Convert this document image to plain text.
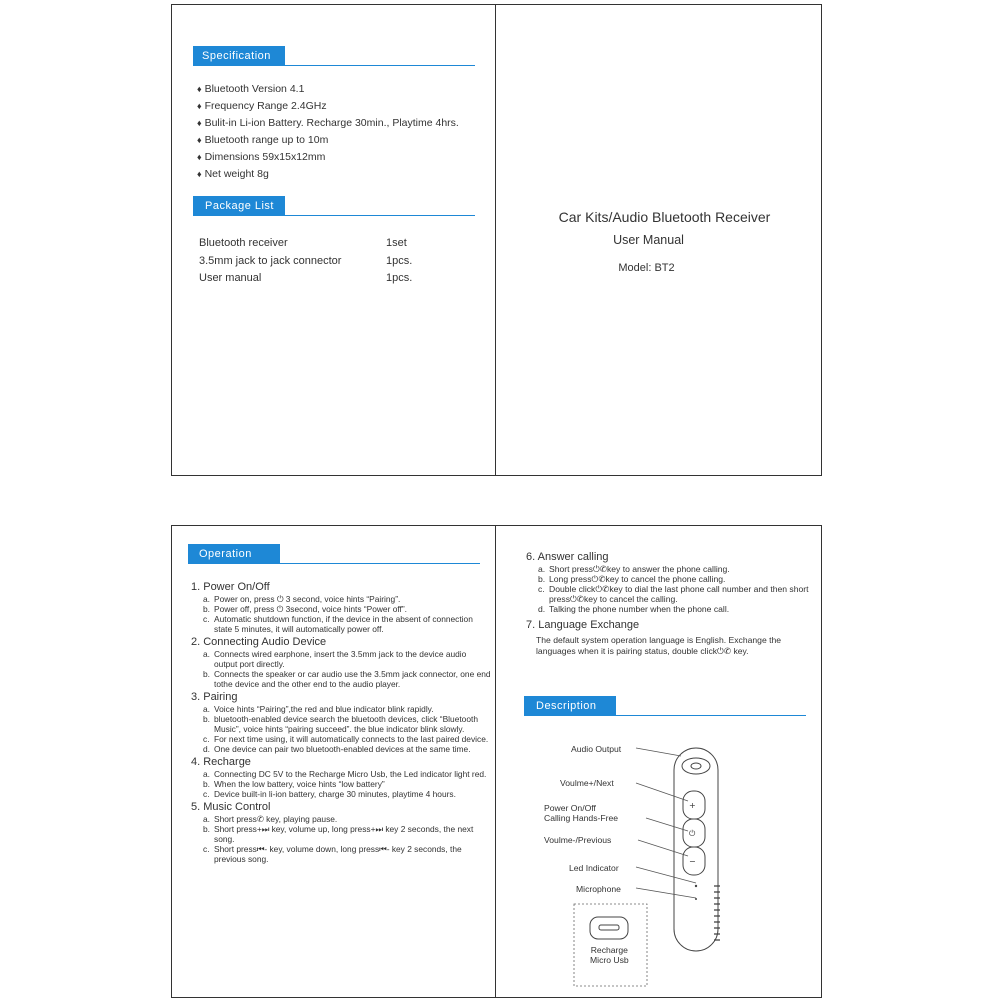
Specification
♦ Bluetooth Version 4.1
♦ Frequency Range 2.4GHz
♦ Bulit-in Li-ion Battery. Recharge 30min., Playtime 4hrs.
♦ Bluetooth range up to 10m
♦ Dimensions 59x15x12mm
♦ Net weight 8g
Package List
Bluetooth receiver	1set
3.5mm jack to jack connector	1pcs.
User manual	1pcs.
Car Kits/Audio Bluetooth Receiver
User Manual
Model: BT2
Operation
1. Power On/Off
a. Power on, press ⏻ 3 second, voice hints “Pairing”.
b. Power off, press ⏻ 3second, voice hints “Power off”.
c. Automatic shutdown function, if the device in the absent of connection state 5 minutes, it will automatically power off.
2. Connecting Audio Device
a. Connects wired earphone, insert the 3.5mm jack to the device audio output port directly.
b. Connects the speaker or car audio use the 3.5mm jack connector, one end tothe device and the other end to the audio player.
3. Pairing
a. Voice hints “Pairing”,the red and blue indicator blink rapidly.
b. bluetooth-enabled device search the bluetooth devices, click “Bluetooth Music”, voice hints “pairing succeed”. the blue indicator blink slowly.
c. For next time using, it will automatically connects to the last paired device.
d. One device can pair two bluetooth-enabled devices at the same time.
4. Recharge
a. Connecting DC 5V to the Recharge Micro Usb, the Led indicator light red.
b. When the low battery, voice hints “low battery”
c. Device built-in li-ion battery, charge 30 minutes, playtime 4 hours.
5. Music Control
a. Short press✆ key, playing pause.
b. Short press+⏭ key, volume up, long press+⏭ key 2 seconds, the next song.
c. Short press⏮- key, volume down, long press⏮- key 2 seconds, the previous song.
6. Answer calling
a. Short press⏻✆key to answer the phone calling.
b. Long press⏻✆key to cancel the phone calling.
c. Double click⏻✆key to dial the last phone call number and then short press⏻✆key to cancel the calling.
d. Talking the phone number when the phone call.
7. Language Exchange
The default system operation language is English. Exchange the languages when it is pairing status, double click⏻✆ key.
Description
+
⏻
−
Audio Output
Voulme+/Next
Power On/Off
Calling Hands-Free
Voulme-/Previous
Led Indicator
Microphone
Recharge
Micro Usb
